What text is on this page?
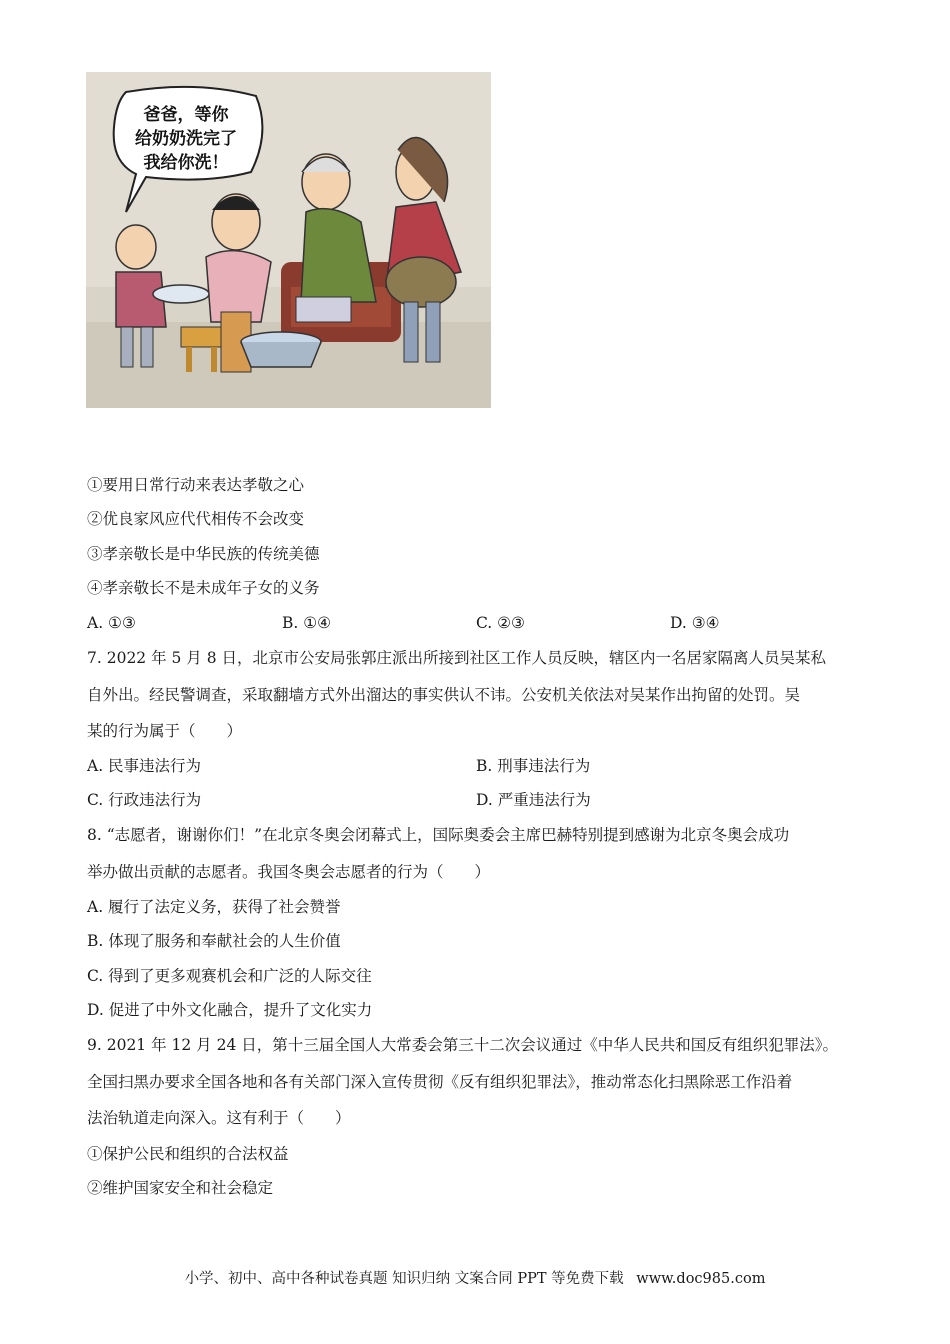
爸爸，等你
给奶奶洗完了
我给你洗！
①要用日常行动来表达孝敬之心
②优良家风应代代相传不会改变
③孝亲敬长是中华民族的传统美德
④孝亲敬长不是未成年子女的义务
A. ①③	B. ①④	C. ②③	D. ③④
7. 2022 年 5 月 8 日，北京市公安局张郭庄派出所接到社区工作人员反映，辖区内一名居家隔离人员吴某私
自外出。经民警调查，采取翻墙方式外出溜达的事实供认不讳。公安机关依法对吴某作出拘留的处罚。吴
某的行为属于（　　）
A. 民事违法行为	B. 刑事违法行为
C. 行政违法行为	D. 严重违法行为
8. “志愿者，谢谢你们！”在北京冬奥会闭幕式上，国际奥委会主席巴赫特别提到感谢为北京冬奥会成功
举办做出贡献的志愿者。我国冬奥会志愿者的行为（　　）
A. 履行了法定义务，获得了社会赞誉
B. 体现了服务和奉献社会的人生价值
C. 得到了更多观赛机会和广泛的人际交往
D. 促进了中外文化融合，提升了文化实力
9. 2021 年 12 月 24 日，第十三届全国人大常委会第三十二次会议通过《中华人民共和国反有组织犯罪法》。
全国扫黑办要求全国各地和各有关部门深入宣传贯彻《反有组织犯罪法》，推动常态化扫黑除恶工作沿着
法治轨道走向深入。这有利于（　　）
①保护公民和组织的合法权益
②维护国家安全和社会稳定
小学、初中、高中各种试卷真题 知识归纳 文案合同 PPT 等免费下载 www.doc985.com
